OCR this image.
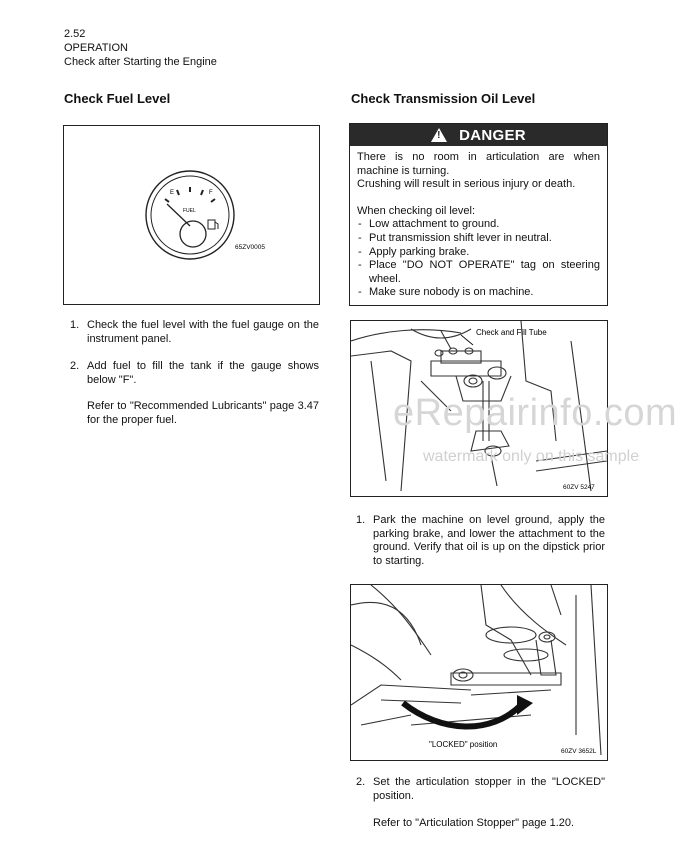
2.52
OPERATION
Check after Starting the Engine
Check Fuel Level
E	F
FUEL
65ZV0005
1. Check the fuel level with the fuel gauge on the instrument panel.
2. Add fuel to fill the tank if the gauge shows below "F".
Refer to "Recommended Lubricants" page 3.47 for the proper fuel.
Check Transmission Oil Level
! DANGER

There is no room in articulation are when machine is turning.

Crushing will result in serious injury or death.

When checking oil level:

- Low attachment to ground.
- Put transmission shift lever in neutral.
- Apply parking brake.
- Place "DO NOT OPERATE" tag on steering wheel.
- Make sure nobody is on machine.
Check and Fill Tube
60ZV 5247
eRepairinfo.com
watermark only on this sample
1. Park the machine on level ground, apply the parking brake, and lower the attachment to the ground. Verify that oil is up on the dipstick prior to starting.
"LOCKED" position
60ZV 3652L
2. Set the articulation stopper in the "LOCKED" position.
Refer to "Articulation Stopper" page 1.20.
